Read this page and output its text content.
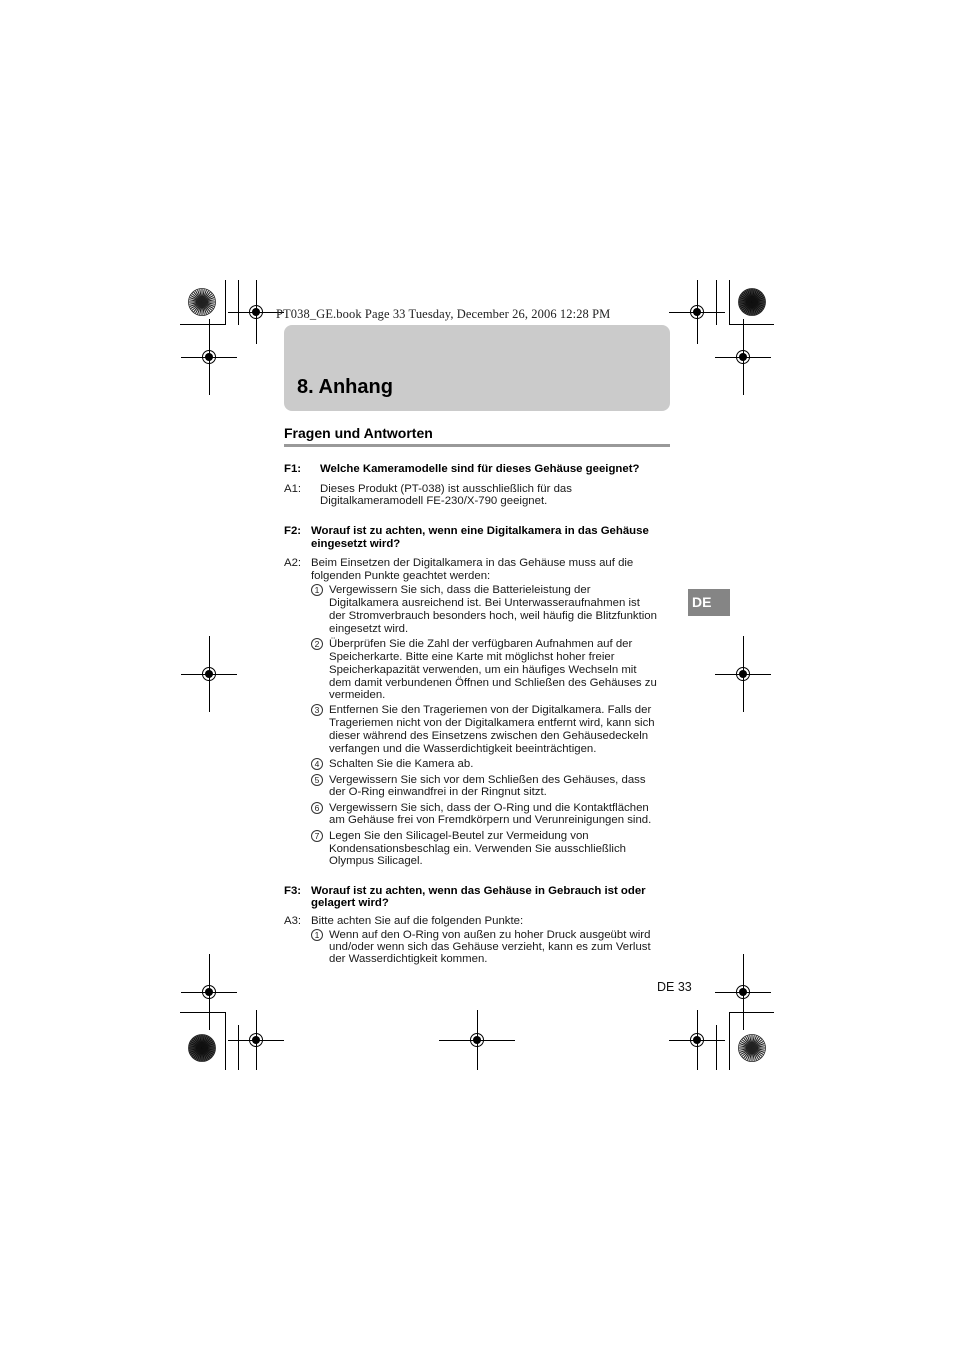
PT038_GE.book Page 33 Tuesday, December 26, 2006 12:28 PM
8. Anhang
Fragen und Antworten
F1: Welche Kameramodelle sind für dieses Gehäuse geeignet?
A1: Dieses Produkt (PT-038) ist ausschließlich für das
Digitalkameramodell FE-230/X-790 geeignet.
F2: Worauf ist zu achten, wenn eine Digitalkamera in das Gehäuse
eingesetzt wird?
A2: Beim Einsetzen der Digitalkamera in das Gehäuse muss auf die
folgenden Punkte geachtet werden:
1 Vergewissern Sie sich, dass die Batterieleistung der
Digitalkamera ausreichend ist. Bei Unterwasseraufnahmen ist
der Stromverbrauch besonders hoch, weil häufig die Blitzfunktion
eingesetzt wird.
2 Überprüfen Sie die Zahl der verfügbaren Aufnahmen auf der
Speicherkarte. Bitte eine Karte mit möglichst hoher freier
Speicherkapazität verwenden, um ein häufiges Wechseln mit
dem damit verbundenen Öffnen und Schließen des Gehäuses zu
vermeiden.
3 Entfernen Sie den Trageriemen von der Digitalkamera. Falls der
Trageriemen nicht von der Digitalkamera entfernt wird, kann sich
dieser während des Einsetzens zwischen den Gehäusedeckeln
verfangen und die Wasserdichtigkeit beeinträchtigen.
4 Schalten Sie die Kamera ab.
5 Vergewissern Sie sich vor dem Schließen des Gehäuses, dass
der O-Ring einwandfrei in der Ringnut sitzt.
6 Vergewissern Sie sich, dass der O-Ring und die Kontaktflächen
am Gehäuse frei von Fremdkörpern und Verunreinigungen sind.
7 Legen Sie den Silicagel-Beutel zur Vermeidung von
Kondensationsbeschlag ein. Verwenden Sie ausschließlich
Olympus Silicagel.
F3: Worauf ist zu achten, wenn das Gehäuse in Gebrauch ist oder
gelagert wird?
A3: Bitte achten Sie auf die folgenden Punkte:
1 Wenn auf den O-Ring von außen zu hoher Druck ausgeübt wird
und/oder wenn sich das Gehäuse verzieht, kann es zum Verlust
der Wasserdichtigkeit kommen.
DE
DE 33
